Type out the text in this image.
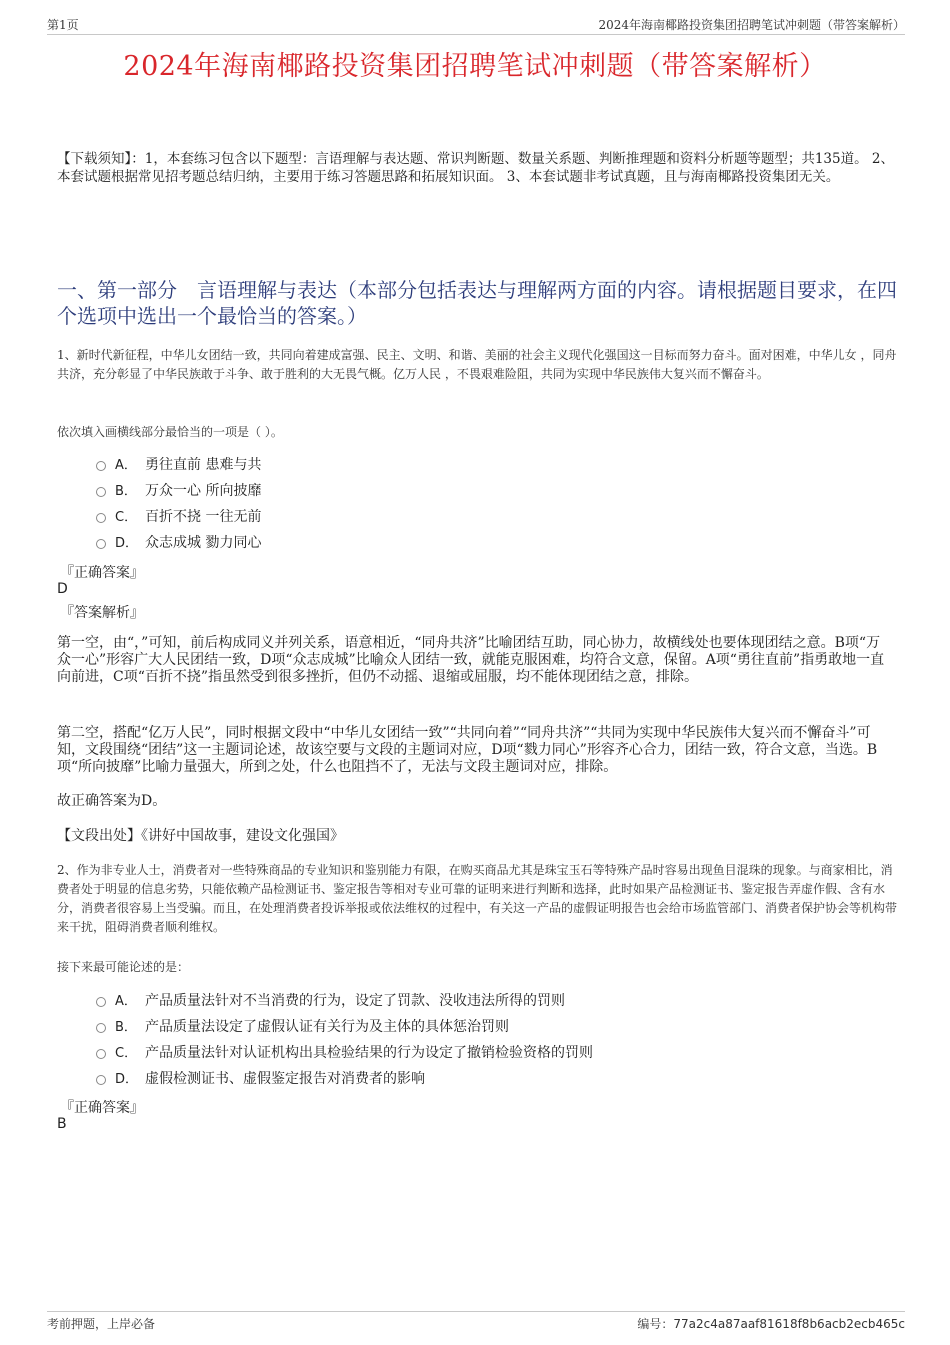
第1页	2024年海南椰路投资集团招聘笔试冲刺题（带答案解析）
2024年海南椰路投资集团招聘笔试冲刺题（带答案解析）
【下载须知】：1，本套练习包含以下题型：言语理解与表达题、常识判断题、数量关系题、判断推理题和资料分析题等题型；共135道。 2、本套试题根据常见招考题总结归纳，主要用于练习答题思路和拓展知识面。 3、本套试题非考试真题，且与海南椰路投资集团无关。
一、第一部分　言语理解与表达（本部分包括表达与理解两方面的内容。请根据题目要求，在四个选项中选出一个最恰当的答案。）
1、新时代新征程，中华儿女团结一致，共同向着建成富强、民主、文明、和谐、美丽的社会主义现代化强国这一目标而努力奋斗。面对困难，中华儿女 ，同舟共济，充分彰显了中华民族敢于斗争、敢于胜利的大无畏气概。亿万人民 ，不畏艰难险阻，共同为实现中华民族伟大复兴而不懈奋斗。
依次填入画横线部分最恰当的一项是（ ）。
A． 勇往直前 患难与共
B． 万众一心 所向披靡
C． 百折不挠 一往无前
D． 众志成城 勠力同心
『正确答案』
D
『答案解析』
第一空，由“，”可知，前后构成同义并列关系，语意相近，“同舟共济”比喻团结互助，同心协力，故横线处也要体现团结之意。B项“万众一心”形容广大人民团结一致，D项“众志成城”比喻众人团结一致，就能克服困难，均符合文意，保留。A项“勇往直前”指勇敢地一直向前进，C项“百折不挠”指虽然受到很多挫折，但仍不动摇、退缩或屈服，均不能体现团结之意，排除。
第二空，搭配“亿万人民”，同时根据文段中“中华儿女团结一致”“共同向着”“同舟共济”“共同为实现中华民族伟大复兴而不懈奋斗”可知，文段围绕“团结”这一主题词论述，故该空要与文段的主题词对应，D项“戮力同心”形容齐心合力，团结一致，符合文意，当选。B项“所向披靡”比喻力量强大，所到之处，什么也阻挡不了，无法与文段主题词对应，排除。
故正确答案为D。
【文段出处】《讲好中国故事，建设文化强国》
2、作为非专业人士，消费者对一些特殊商品的专业知识和鉴别能力有限，在购买商品尤其是珠宝玉石等特殊产品时容易出现鱼目混珠的现象。与商家相比，消费者处于明显的信息劣势，只能依赖产品检测证书、鉴定报告等相对专业可靠的证明来进行判断和选择，此时如果产品检测证书、鉴定报告弄虚作假、含有水分，消费者很容易上当受骗。而且，在处理消费者投诉举报或依法维权的过程中，有关这一产品的虚假证明报告也会给市场监管部门、消费者保护协会等机构带来干扰，阻碍消费者顺利维权。
接下来最可能论述的是：
A． 产品质量法针对不当消费的行为，设定了罚款、没收违法所得的罚则
B． 产品质量法设定了虚假认证有关行为及主体的具体惩治罚则
C． 产品质量法针对认证机构出具检验结果的行为设定了撤销检验资格的罚则
D． 虚假检测证书、虚假鉴定报告对消费者的影响
『正确答案』
B
考前押题，上岸必备	编号：77a2c4a87aaf81618f8b6acb2ecb465c
